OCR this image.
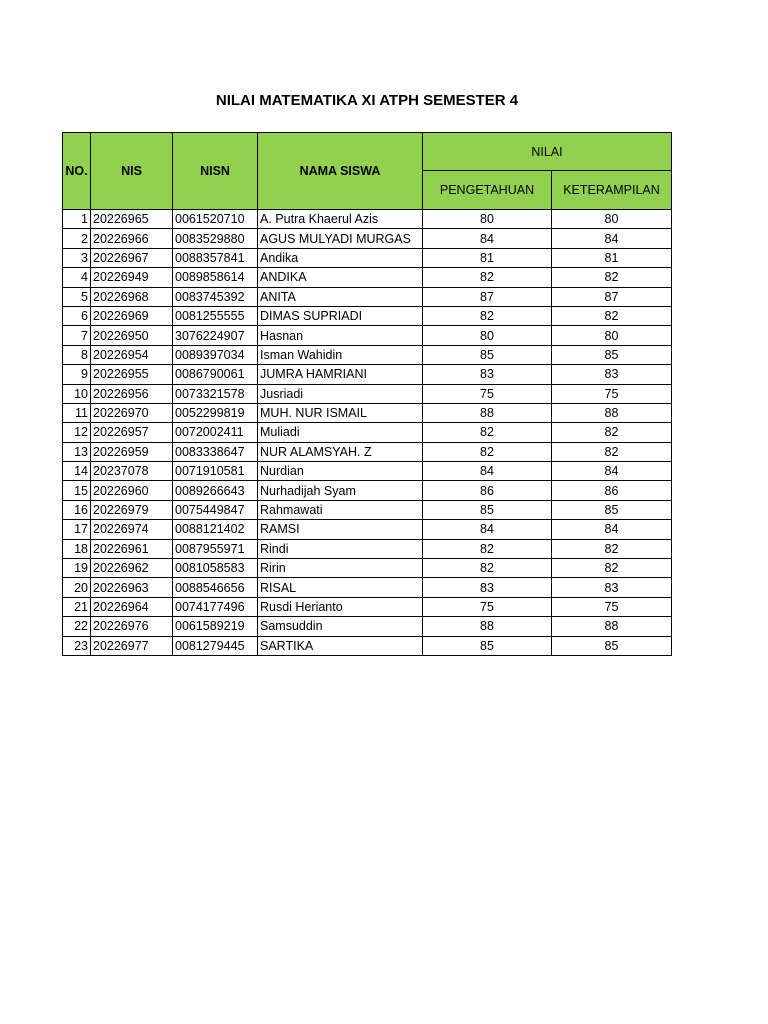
NILAI MATEMATIKA XI ATPH SEMESTER 4
NO.	NIS	NISN	NAMA SISWA	NILAI	
				PENGETAHUAN	KETERAMPILAN
1	20226965	0061520710	A. Putra Khaerul Azis	80	80
2	20226966	0083529880	AGUS MULYADI MURGAS	84	84
3	20226967	0088357841	Andika	81	81
4	20226949	0089858614	ANDIKA	82	82
5	20226968	0083745392	ANITA	87	87
6	20226969	0081255555	DIMAS SUPRIADI	82	82
7	20226950	3076224907	Hasnan	80	80
8	20226954	0089397034	Isman Wahidin	85	85
9	20226955	0086790061	JUMRA HAMRIANI	83	83
10	20226956	0073321578	Jusriadi	75	75
11	20226970	0052299819	MUH. NUR ISMAIL	88	88
12	20226957	0072002411	Muliadi	82	82
13	20226959	0083338647	NUR ALAMSYAH. Z	82	82
14	20237078	0071910581	Nurdian	84	84
15	20226960	0089266643	Nurhadijah Syam	86	86
16	20226979	0075449847	Rahmawati	85	85
17	20226974	0088121402	RAMSI	84	84
18	20226961	0087955971	Rindi	82	82
19	20226962	0081058583	Ririn	82	82
20	20226963	0088546656	RISAL	83	83
21	20226964	0074177496	Rusdi Herianto	75	75
22	20226976	0061589219	Samsuddin	88	88
23	20226977	0081279445	SARTIKA	85	85
